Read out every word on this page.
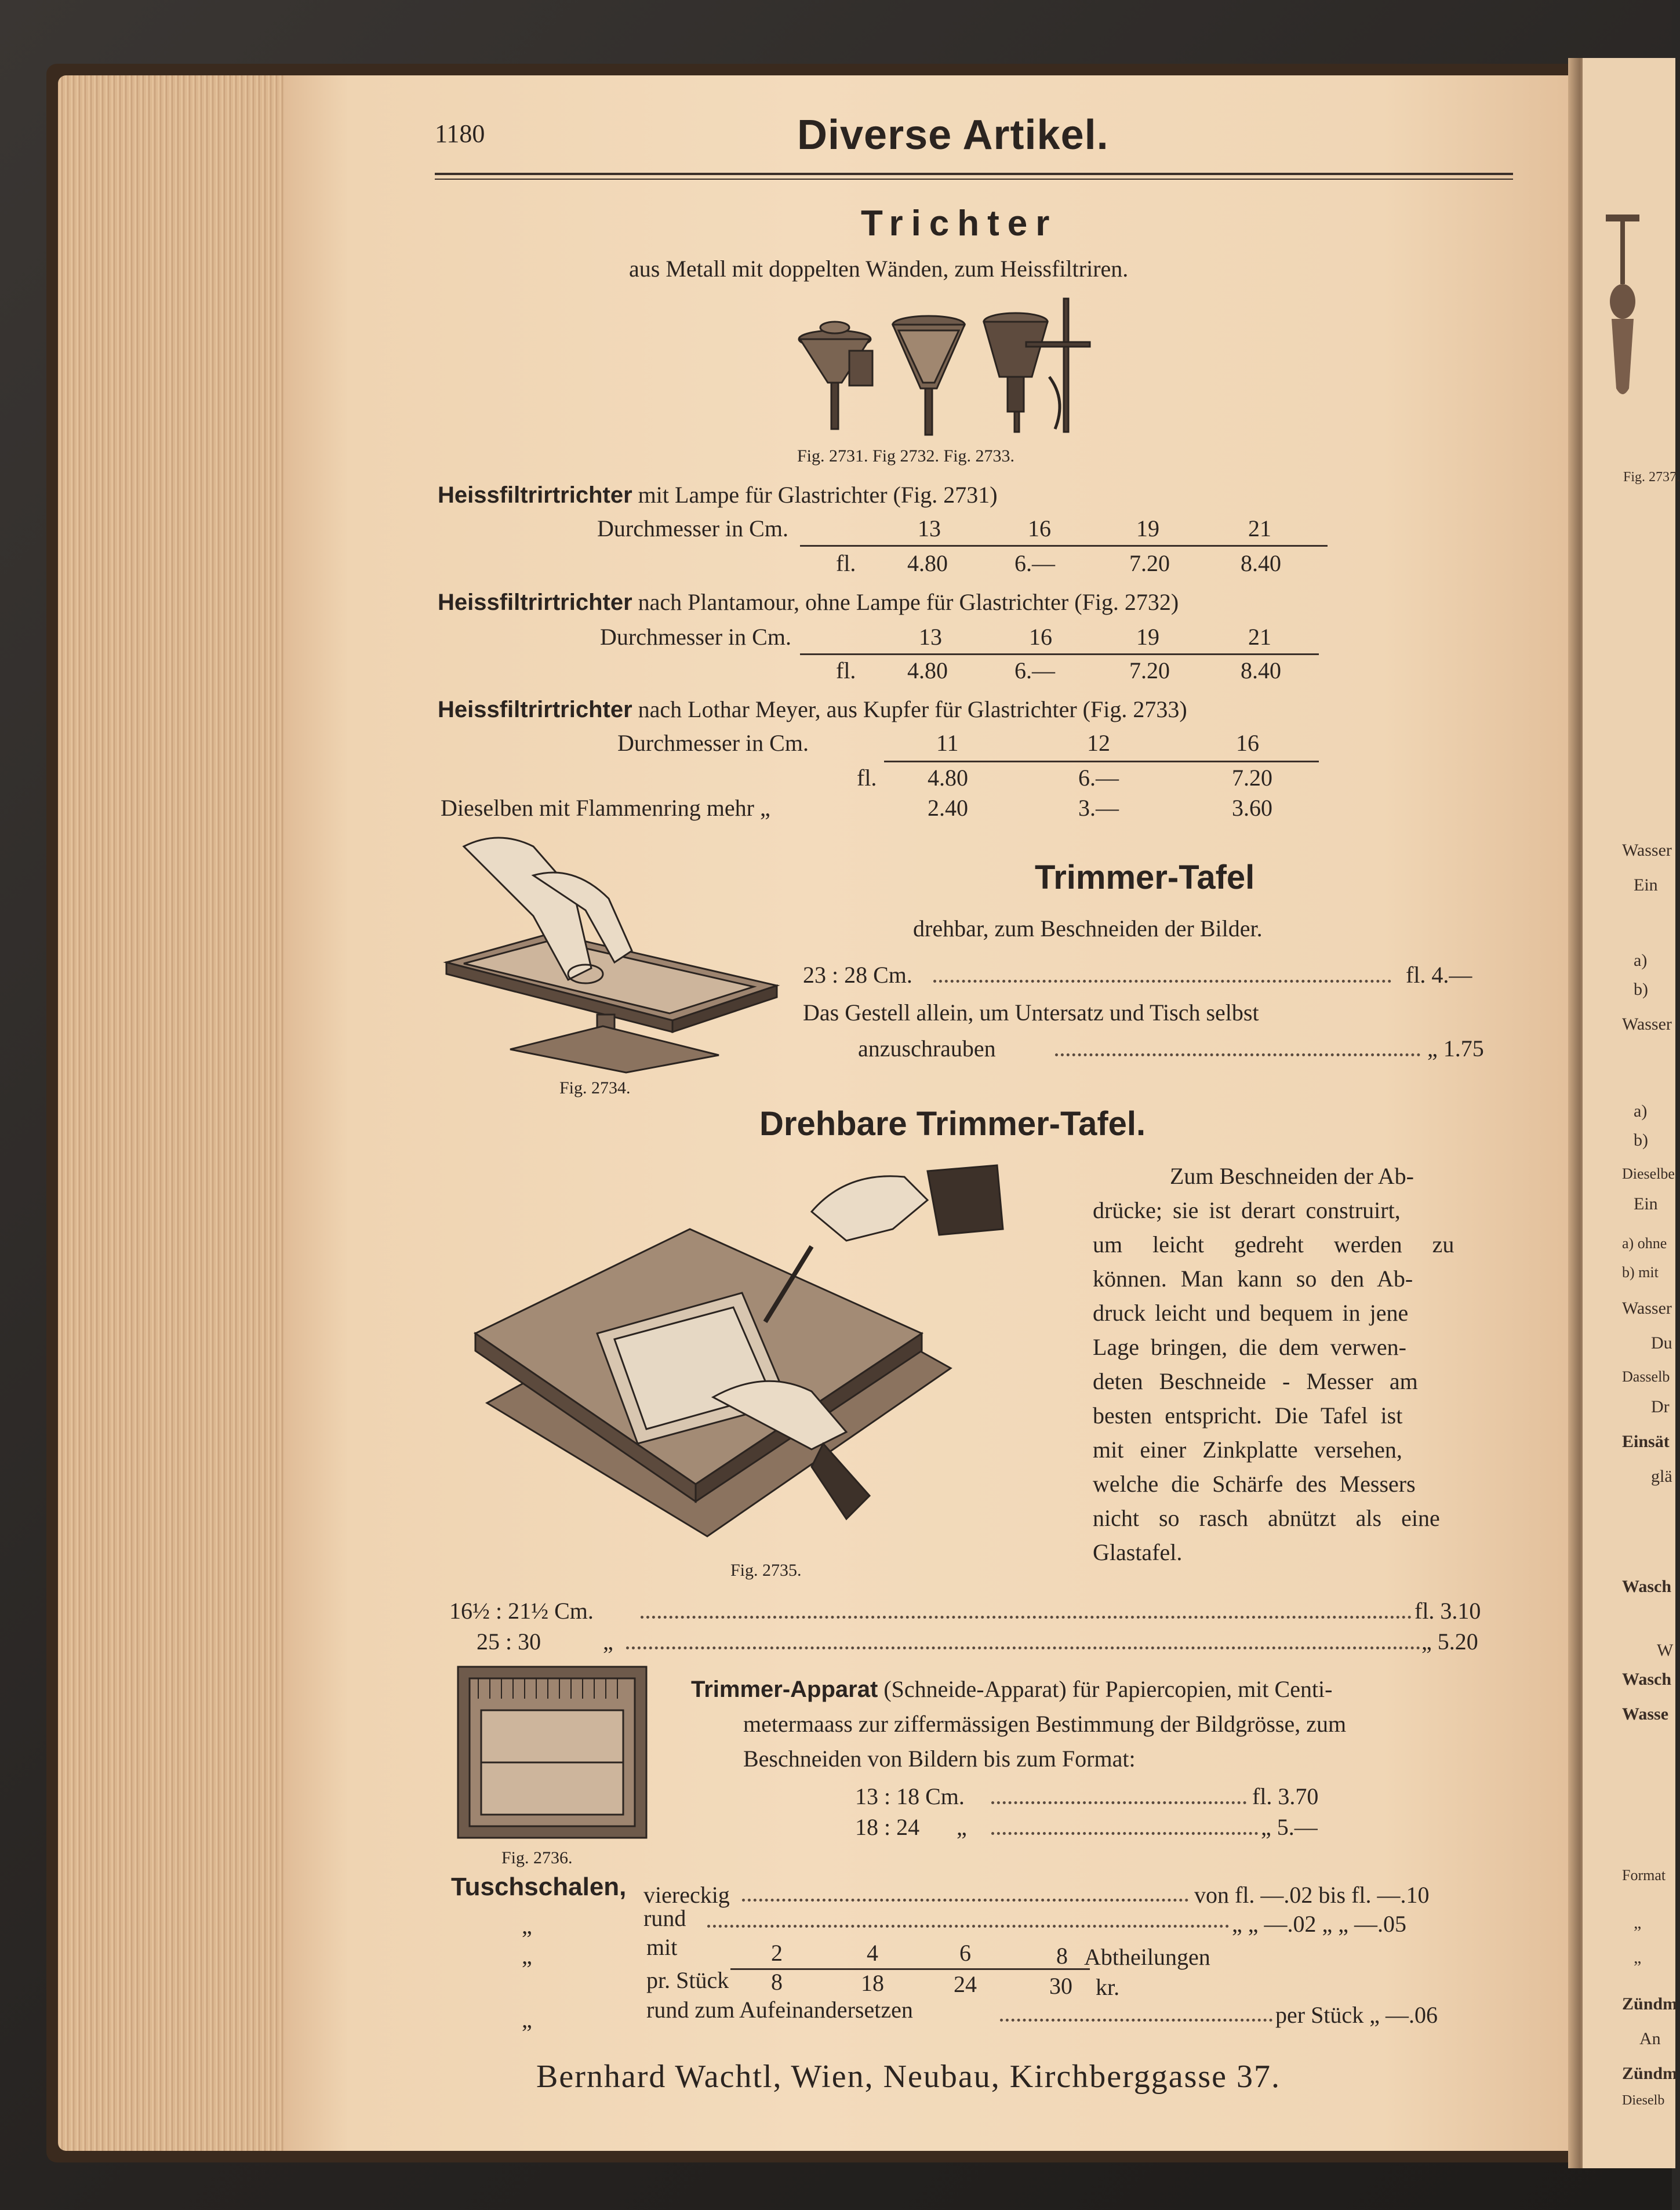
Fig. 2737.
Wasser
Ein
a)
b)
Wasser
a)
b)
Dieselbe
Ein
a) ohne
b) mit
Wasser
Du
Dasselb
Dr
Einsät
glä
Wasch
W
Wasch
Wasse
Format
„
„
Zündm
An
Zündm
Dieselb
1180	Diverse Artikel.
Trichter
aus Metall mit doppelten Wänden, zum Heissfiltriren.
Fig. 2731. Fig 2732. Fig. 2733.
Heissfiltrirtrichter mit Lampe für Glastrichter (Fig. 2731)
Durchmesser in Cm.	13	16	19	21
fl. 4.80	6.—	7.20	8.40
Heissfiltrirtrichter nach Plantamour, ohne Lampe für Glastrichter (Fig. 2732)
Durchmesser in Cm.	13	16	19	21
fl. 4.80	6.—	7.20	8.40
Heissfiltrirtrichter nach Lothar Meyer, aus Kupfer für Glastrichter (Fig. 2733)
Durchmesser in Cm.	11	12	16
fl. 4.80	6.—	7.20
Dieselben mit Flammenring mehr „	2.40	3.—	3.60
Fig. 2734.
Trimmer-Tafel
drehbar, zum Beschneiden der Bilder.
23 : 28 Cm.	fl. 4.—
Das Gestell allein, um Untersatz und Tisch selbst
anzuschrauben	„ 1.75
Drehbare Trimmer-Tafel.
Fig. 2735.
Zum Beschneiden der Ab-
drücke; sie ist derart construirt,
um leicht gedreht werden zu
können. Man kann so den Ab-
druck leicht und bequem in jene
Lage bringen, die dem verwen-
deten Beschneide - Messer am
besten entspricht. Die Tafel ist
mit einer Zinkplatte versehen,
welche die Schärfe des Messers
nicht so rasch abnützt als eine
Glastafel.
16½ : 21½ Cm.	fl. 3.10
25 : 30	„	„ 5.20
Fig. 2736.
Trimmer-Apparat (Schneide-Apparat) für Papiercopien, mit Centi-
metermaass zur ziffermässigen Bestimmung der Bildgrösse, zum
Beschneiden von Bildern bis zum Format:
13 : 18 Cm.	fl. 3.70
18 : 24 „	„ 5.—
Tuschschalen, viereckig	von fl. —.02 bis fl. —.10
„	rund	„ „ —.02 „ „ —.05
„	mit	2	4	6	8 Abtheilungen
pr. Stück 8	18	24	30 kr.
„	rund zum Aufeinandersetzen	per Stück „ —.06
Bernhard Wachtl, Wien, Neubau, Kirchberggasse 37.
